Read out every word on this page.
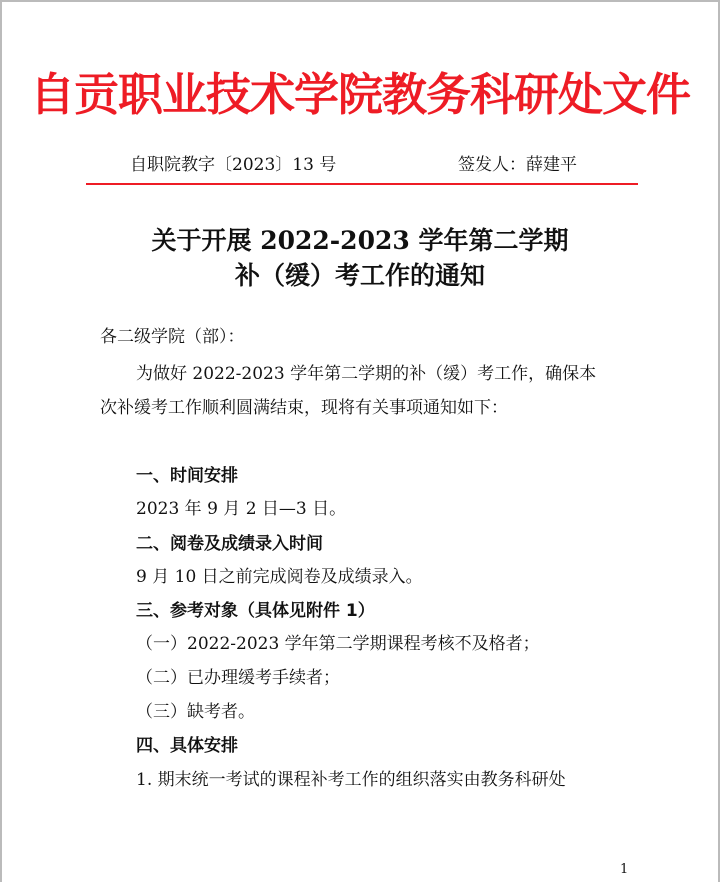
自贡职业技术学院教务科研处文件
自职院教字〔2023〕13 号	签发人：薛建平
关于开展 2022-2023 学年第二学期
补（缓）考工作的通知
各二级学院（部）：
为做好 2022-2023 学年第二学期的补（缓）考工作，确保本
次补缓考工作顺利圆满结束，现将有关事项通知如下：
一、时间安排
2023 年 9 月 2 日—3 日。
二、阅卷及成绩录入时间
9 月 10 日之前完成阅卷及成绩录入。
三、参考对象（具体见附件 1）
（一）2022-2023 学年第二学期课程考核不及格者；
（二）已办理缓考手续者；
（三）缺考者。
四、具体安排
1. 期末统一考试的课程补考工作的组织落实由教务科研处
1
